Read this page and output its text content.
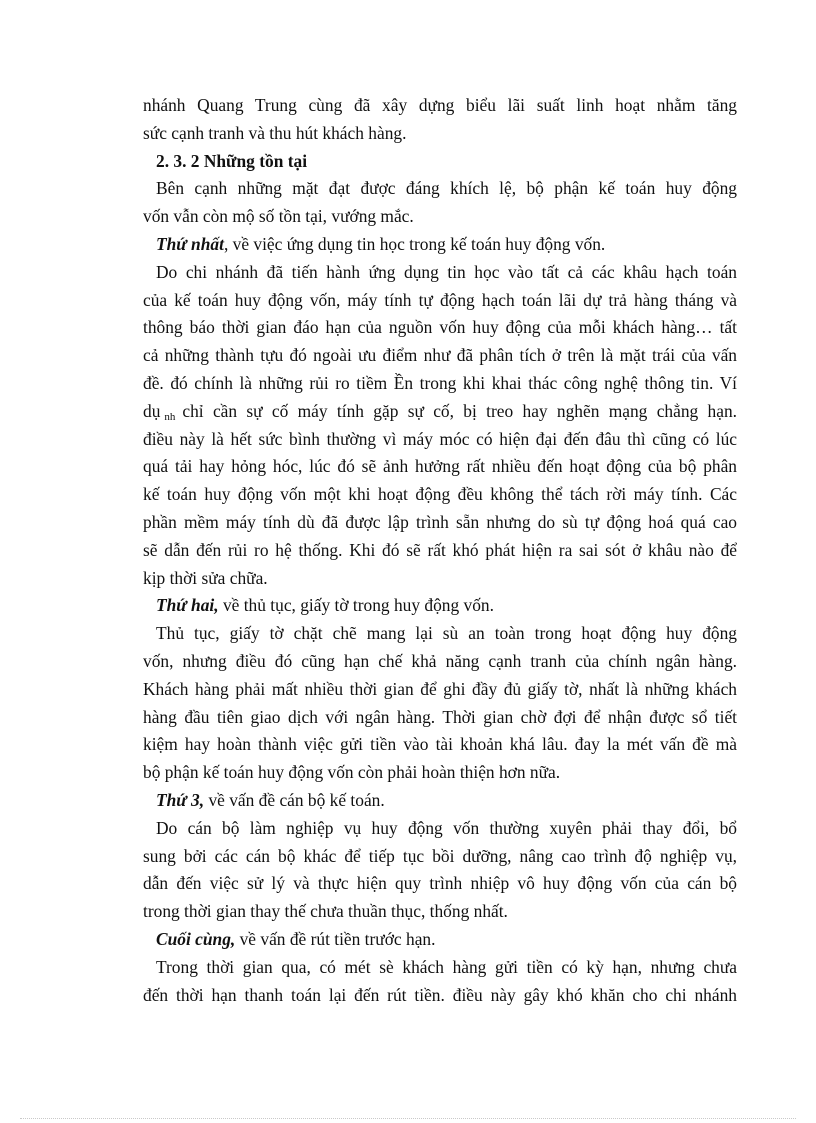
nhánh Quang Trung cùng đã xây dựng biểu lãi suất linh hoạt nhằm tăng
sức cạnh tranh và thu hút khách hàng.
2. 3. 2 Những tồn tại
Bên cạnh những mặt đạt được đáng khích lệ, bộ phận kế toán huy động
vốn vẫn còn mộ số tồn tại, vướng mắc.
Thứ nhất, về việc ứng dụng tin học trong kế toán huy động vốn.
Do chi nhánh đã tiến hành ứng dụng tin học vào tất cả các khâu hạch toán
của kế toán huy động vốn, máy tính tự động hạch toán lãi dự trả hàng tháng và
thông báo thời gian đáo hạn của nguồn vốn huy động của mỗi khách hàng… tất
cả những thành tựu đó ngoài ưu điểm như đã phân tích ở trên là mặt trái của vấn
đề. đó chính là những rủi ro tiềm Ền trong khi khai thác công nghệ thông tin. Ví
dụ nh chỉ cần sự cố máy tính gặp sự cố, bị treo hay nghẽn mạng chẳng hạn.
điều này là hết sức bình thường vì máy móc có hiện đại đến đâu thì cũng có lúc
quá tải hay hỏng hóc, lúc đó sẽ ảnh hưởng rất nhiều đến hoạt động của bộ phân
kế toán huy động vốn một khi hoạt động đều không thể tách rời máy tính. Các
phần mềm máy tính dù đã được lập trình sẵn nhưng do sù tự động hoá quá cao
sẽ dẫn đến rủi ro hệ thống. Khi đó sẽ rất khó phát hiện ra sai sót ở khâu nào để
kịp thời sửa chữa.
Thứ hai, về thủ tục, giấy tờ trong huy động vốn.
Thủ tục, giấy tờ chặt chẽ mang lại sù an toàn trong hoạt động huy động
vốn, nhưng điều đó cũng hạn chế khả năng cạnh tranh của chính ngân hàng.
Khách hàng phải mất nhiều thời gian để ghi đầy đủ giấy tờ, nhất là những khách
hàng đầu tiên giao dịch với ngân hàng. Thời gian chờ đợi để nhận được sổ tiết
kiệm hay hoàn thành việc gửi tiền vào tài khoản khá lâu. đay la mét vấn đề mà
bộ phận kế toán huy động vốn còn phải hoàn thiện hơn nữa.
Thứ 3, về vấn đề cán bộ kế toán.
Do cán bộ làm nghiệp vụ huy động vốn thường xuyên phải thay đổi, bổ
sung bởi các cán bộ khác để tiếp tục bồi dưỡng, nâng cao trình độ nghiệp vụ,
dẫn đến việc sử lý và thực hiện quy trình nhiệp vô huy động vốn của cán bộ
trong thời gian thay thế chưa thuần thục, thống nhất.
Cuối cùng, về vấn đề rút tiền trước hạn.
Trong thời gian qua, có mét sè khách hàng gửi tiền có kỳ hạn, nhưng chưa
đến thời hạn thanh toán lại đến rút tiền. điều này gây khó khăn cho chi nhánh
